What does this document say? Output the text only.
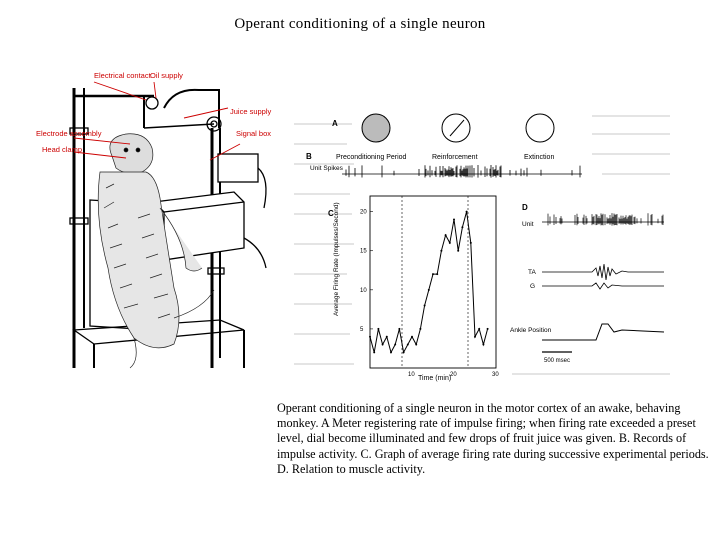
Operant conditioning of a single neuron
Electrical contact Oil supply
Juice supply
Signal box
Electrode assembly
Head clamp
A
B	Preconditioning Period	Reinforcement	Extinction
Unit Spikes
C
10	20	30
5
10
15
20
Average Firing Rate (Impulses/Second)
Time (min)
D
Unit
TA
G
Ankle Position
500 msec
Operant conditioning of a single neuron in the motor cortex of an awake, behaving monkey. A Meter registering rate of impulse firing; when firing rate exceeded a preset level, dial become illuminated and few drops of fruit juice was given. B. Records of impulse activity. C. Graph of average firing rate during successive experimental periods. D. Relation to muscle activity.
